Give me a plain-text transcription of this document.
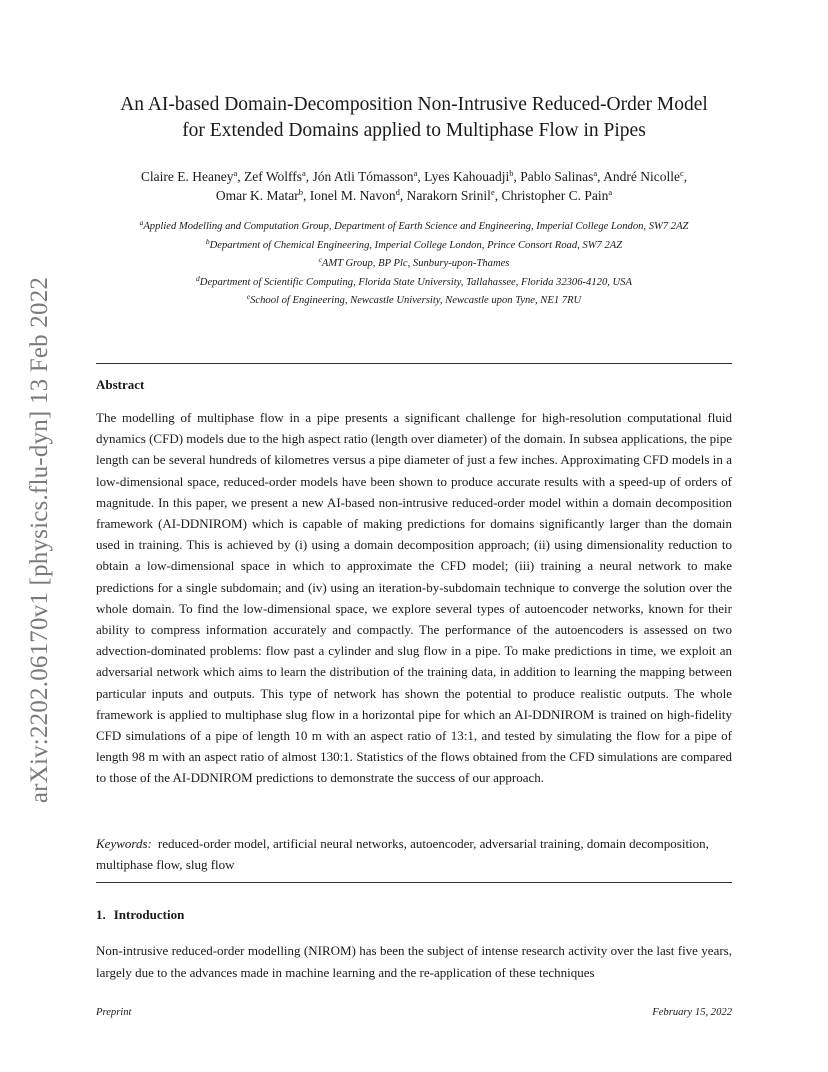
arXiv:2202.06170v1 [physics.flu-dyn] 13 Feb 2022
An AI-based Domain-Decomposition Non-Intrusive Reduced-Order Model
for Extended Domains applied to Multiphase Flow in Pipes
Claire E. Heaney$^a$, Zef Wolffs$^a$, Jón Atli Tómasson$^a$, Lyes Kahouadji$^b$, Pablo Salinas$^a$, André Nicolle$^c$,
Omar K. Matar$^b$, Ionel M. Navon$^d$, Narakorn Srinil$^e$, Christopher C. Pain$^a$
$^a$Applied Modelling and Computation Group, Department of Earth Science and Engineering, Imperial College London, SW7 2AZ
$^b$Department of Chemical Engineering, Imperial College London, Prince Consort Road, SW7 2AZ
$^c$AMT Group, BP Plc, Sunbury-upon-Thames
$^d$Department of Scientific Computing, Florida State University, Tallahassee, Florida 32306-4120, USA
$^e$School of Engineering, Newcastle University, Newcastle upon Tyne, NE1 7RU
Abstract
The modelling of multiphase flow in a pipe presents a significant challenge for high-resolution computational fluid dynamics (CFD) models due to the high aspect ratio (length over diameter) of the domain. In subsea applications, the pipe length can be several hundreds of kilometres versus a pipe diameter of just a few inches. Approximating CFD models in a low-dimensional space, reduced-order models have been shown to produce accurate results with a speed-up of orders of magnitude. In this paper, we present a new AI-based non-intrusive reduced-order model within a domain decomposition framework (AI-DDNIROM) which is capable of making predictions for domains significantly larger than the domain used in training. This is achieved by (i) using a domain decomposition approach; (ii) using dimensionality reduction to obtain a low-dimensional space in which to approximate the CFD model; (iii) training a neural network to make predictions for a single subdomain; and (iv) using an iteration-by-subdomain technique to converge the solution over the whole domain. To find the low-dimensional space, we explore several types of autoencoder networks, known for their ability to compress information accurately and compactly. The performance of the autoencoders is assessed on two advection-dominated problems: flow past a cylinder and slug flow in a pipe. To make predictions in time, we exploit an adversarial network which aims to learn the distribution of the training data, in addition to learning the mapping between particular inputs and outputs. This type of network has shown the potential to produce realistic outputs. The whole framework is applied to multiphase slug flow in a horizontal pipe for which an AI-DDNIROM is trained on high-fidelity CFD simulations of a pipe of length 10 m with an aspect ratio of 13:1, and tested by simulating the flow for a pipe of length 98 m with an aspect ratio of almost 130:1. Statistics of the flows obtained from the CFD simulations are compared to those of the AI-DDNIROM predictions to demonstrate the success of our approach.
Keywords: reduced-order model, artificial neural networks, autoencoder, adversarial training, domain decomposition, multiphase flow, slug flow
1. Introduction
Non-intrusive reduced-order modelling (NIROM) has been the subject of intense research activity over the last five years, largely due to the advances made in machine learning and the re-application of these techniques
Preprint	February 15, 2022
